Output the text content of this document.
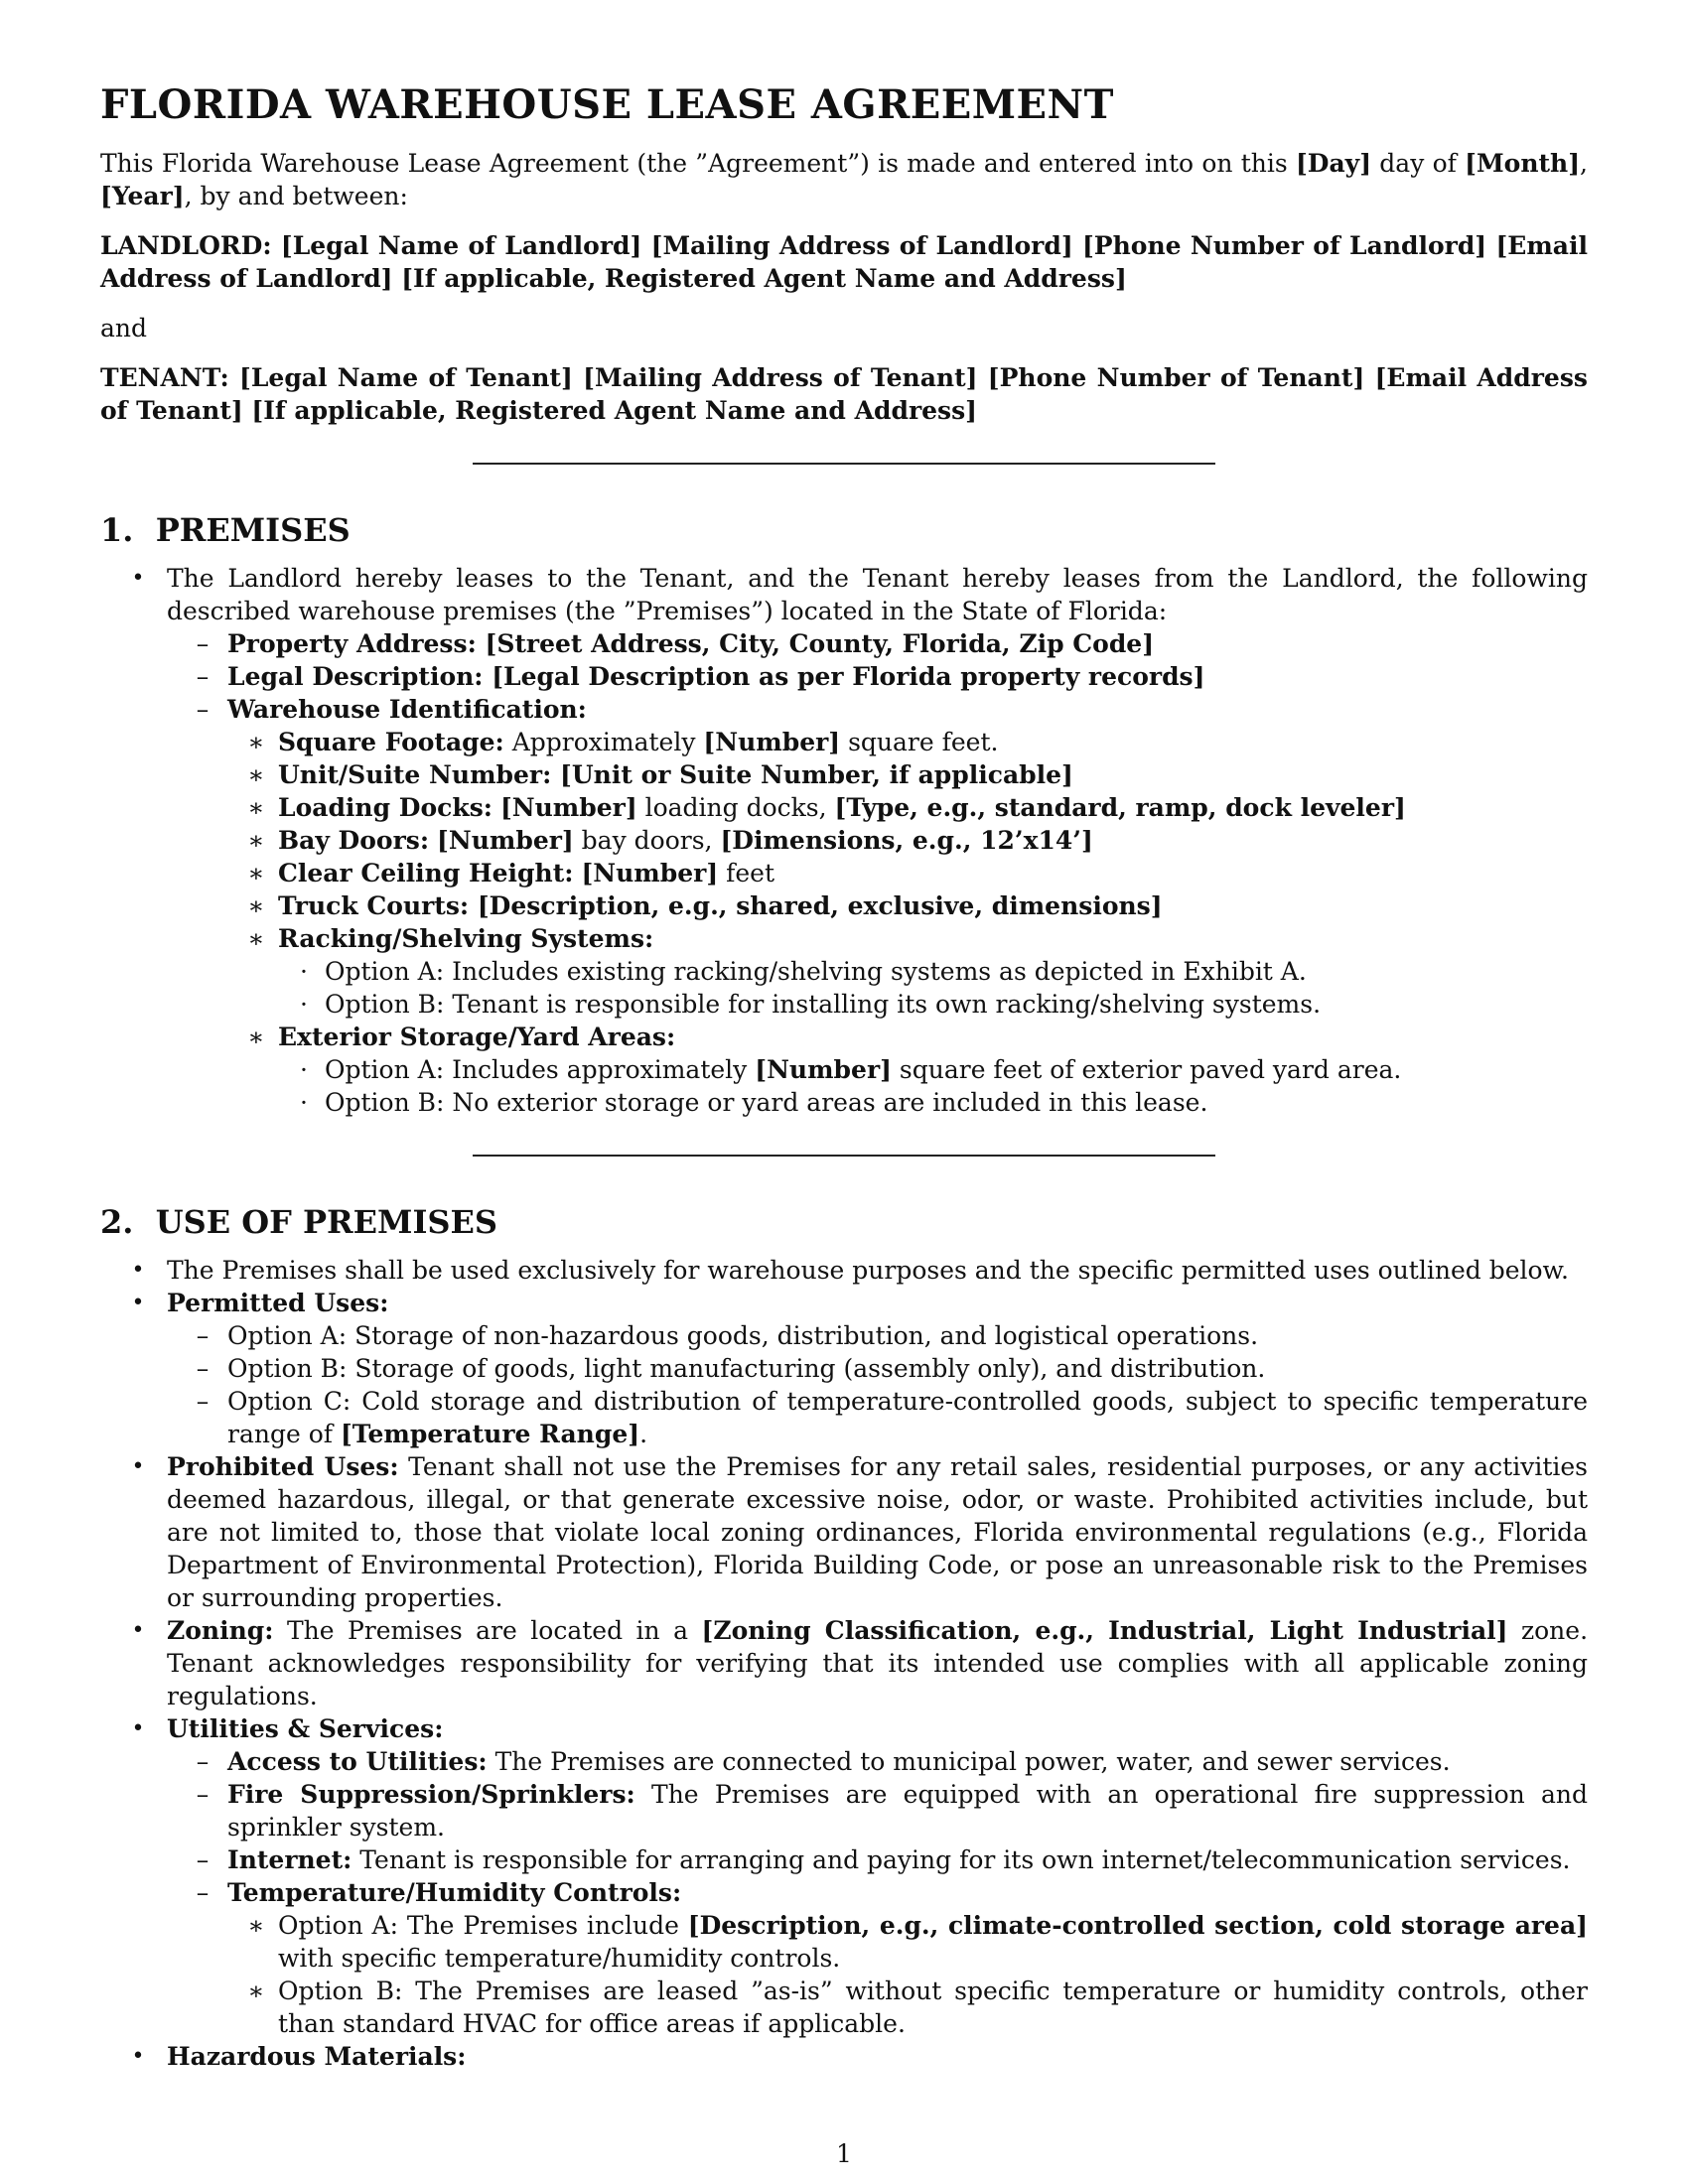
FLORIDA WAREHOUSE LEASE AGREEMENT

This Florida Warehouse Lease Agreement (the ”Agreement”) is made and entered into on this [Day] day of [Month], [Year], by and between:

LANDLORD: [Legal Name of Landlord] [Mailing Address of Landlord] [Phone Number of Landlord] [Email Address of Landlord] [If applicable, Registered Agent Name and Address]

and

TENANT: [Legal Name of Tenant] [Mailing Address of Tenant] [Phone Number of Tenant] [Email Address of Tenant] [If applicable, Registered Agent Name and Address]

1. PREMISES
• The Landlord hereby leases to the Tenant, and the Tenant hereby leases from the Landlord, the following described warehouse premises (the ”Premises”) located in the State of Florida:
– Property Address: [Street Address, City, County, Florida, Zip Code]
– Legal Description: [Legal Description as per Florida property records]
– Warehouse Identification:
∗ Square Footage: Approximately [Number] square feet.
∗ Unit/Suite Number: [Unit or Suite Number, if applicable]
∗ Loading Docks: [Number] loading docks, [Type, e.g., standard, ramp, dock leveler]
∗ Bay Doors: [Number] bay doors, [Dimensions, e.g., 12’x14’]
∗ Clear Ceiling Height: [Number] feet
∗ Truck Courts: [Description, e.g., shared, exclusive, dimensions]
∗ Racking/Shelving Systems:
· Option A: Includes existing racking/shelving systems as depicted in Exhibit A.
· Option B: Tenant is responsible for installing its own racking/shelving systems.
∗ Exterior Storage/Yard Areas:
· Option A: Includes approximately [Number] square feet of exterior paved yard area.
· Option B: No exterior storage or yard areas are included in this lease.
2. USE OF PREMISES
• The Premises shall be used exclusively for warehouse purposes and the specific permitted uses outlined below.
• Permitted Uses:
– Option A: Storage of non-hazardous goods, distribution, and logistical operations.
– Option B: Storage of goods, light manufacturing (assembly only), and distribution.
– Option C: Cold storage and distribution of temperature-controlled goods, subject to specific temperature range of [Temperature Range].
• Prohibited Uses: Tenant shall not use the Premises for any retail sales, residential purposes, or any activities deemed hazardous, illegal, or that generate excessive noise, odor, or waste. Prohibited activities include, but are not limited to, those that violate local zoning ordinances, Florida environmental regulations (e.g., Florida Department of Environmental Protection), Florida Building Code, or pose an unreasonable risk to the Premises or surrounding properties.
• Zoning: The Premises are located in a [Zoning Classification, e.g., Industrial, Light Industrial] zone. Tenant acknowledges responsibility for verifying that its intended use complies with all applicable zoning regulations.
• Utilities & Services:
– Access to Utilities: The Premises are connected to municipal power, water, and sewer services.
– Fire Suppression/Sprinklers: The Premises are equipped with an operational fire suppression and sprinkler system.
– Internet: Tenant is responsible for arranging and paying for its own internet/telecommunication services.
– Temperature/Humidity Controls:
∗ Option A: The Premises include [Description, e.g., climate-controlled section, cold storage area] with specific temperature/humidity controls.
∗ Option B: The Premises are leased ”as-is” without specific temperature or humidity controls, other than standard HVAC for office areas if applicable.
• Hazardous Materials:
1
